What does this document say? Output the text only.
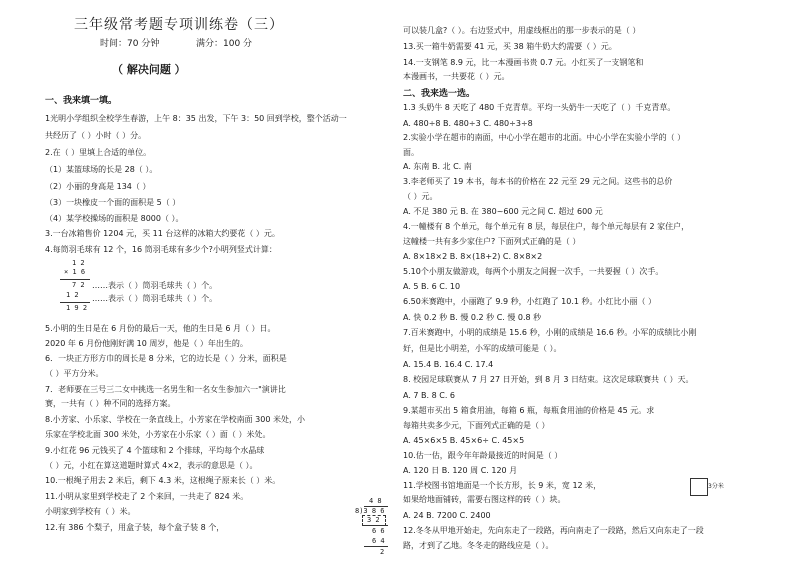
三年级常考题专项训练卷（三）
时间：70 分钟	满分：100 分
（ 解决问题 ）
一、我来填一填。
1光明小学组织全校学生春游，上午 8：35 出发，下午 3：50 回到学校，整个活动一
共经历了（ ）小时（ ）分。
2.在（ ）里填上合适的单位。
（1）某篮球场的长是 28（ ）。
（2）小丽的身高是 134（ ）
（3）一块橡皮一个面的面积是 5（ ）
（4）某学校操场的面积是 8000（ ）。
3.一台冰箱售价 1204 元，买 11 台这样的冰箱大约要花（ ）元。
4.每筒羽毛球有 12 个，16 筒羽毛球有多少个?小明列竖式计算：
1 2
× 1 6
7 2 ……表示（ ）筒羽毛球共（ ）个。
1 2 ……表示（ ）筒羽毛球共（ ）个。
1 9 2
5.小明的生日是在 6 月份的最后一天，他的生日是 6 月（ ）日。
2020 年 6 月份他刚好满 10 周岁，他是（ ）年出生的。
6．一块正方形方巾的周长是 8 分米，它的边长是（ ）分米，面积是
（ ）平方分米。
7．老师要在三号三二女中挑选一名男生和一名女生参加六一"演讲比
赛，一共有（ ）种不同的选择方案。
8.小芳家、小乐家、学校在一条直线上，小芳家在学校南面 300 米处，小
乐家在学校北面 300 米处，小芳家在小乐家（ ）面（ ）米处。
9.小红花 96 元钱买了 4 个篮球和 2 个排球，平均每个水晶球
（ ）元，小红在算这道题时算式 4×2，表示的意思是（ ）。
10.一根绳子用去 2 米后，剩下 4.3 米，这根绳子原来长（ ）米。
11.小明从家里到学校走了 2 个来回，一共走了 824 米。
小明家到学校有（ ）米。
12.有 386 个梨子，用盒子装，每个盒子装 8 个，
4 8
8)3 8 6
3 2
6 6
6 4
2
可以装几盒?（ ）。右边竖式中，用虚线框出的那一步表示的是（ ）
13.买一箱牛奶需要 41 元，买 38 箱牛奶大约需要（ ）元。
14.一支钢笔 8.9 元，比一本漫画书贵 0.7 元。小红买了一支钢笔和
本漫画书，一共要花（ ）元。
二、我来选一选。
1.3 头奶牛 8 天吃了 480 千克青草。平均一头奶牛一天吃了（ ）千克青草。
A. 480÷8 B. 480÷3 C. 480÷3÷8
2.实验小学在超市的南面，中心小学在超市的北面。中心小学在实验小学的（ ）
面。
A. 东南 B. 北 C. 南
3.李老师买了 19 本书，每本书的价格在 22 元至 29 元之间。这些书的总价
（ ）元。
A. 不足 380 元 B. 在 380~600 元之间 C. 超过 600 元
4.一幢楼有 8 个单元，每个单元有 8 层，每层住户，每个单元每层有 2 家住户，
这幢楼一共有多少家住户? 下面列式正确的是（ ）
A. 8×18×2 B. 8×(18+2) C. 8×8×2
5.10个小朋友做游戏，每两个小朋友之间握一次手，一共要握（ ）次手。
A. 5 B. 6 C. 10
6.50米赛跑中，小丽跑了 9.9 秒，小红跑了 10.1 秒。小红比小丽（ ）
A. 快 0.2 秒 B. 慢 0.2 秒 C. 慢 0.8 秒
7.百米赛跑中，小明的成绩是 15.6 秒，小刚的成绩是 16.6 秒。小军的成绩比小刚
好，但是比小明差，小军的成绩可能是（ ）。
A. 15.4 B. 16.4 C. 17.4
8. 校园足球联赛从 7 月 27 日开始，到 8 月 3 日结束。这次足球联赛共（ ）天。
A. 7 B. 8 C. 6
9.某超市买出 5 箱食用油，每箱 6 瓶，每瓶食用油的价格是 45 元。求
每箱共卖多少元，下面列式正确的是（ ）
A. 45×6×5 B. 45×6÷ C. 45×5
10.估一估，跟今年年龄最接近的时间是（ ）
A. 120 日 B. 120 周 C. 120 月
11.学校图书馆地面是一个长方形，长 9 米，宽 12 米，
如果给地面铺砖，需要右图这样的砖（ ）块。
3分米
A. 24 B. 7200 C. 2400
12.冬冬从甲地开始走，先向东走了一段路，再向南走了一段路，然后又向东走了一段
路，才到了乙地。冬冬走的路线应是（ ）。
